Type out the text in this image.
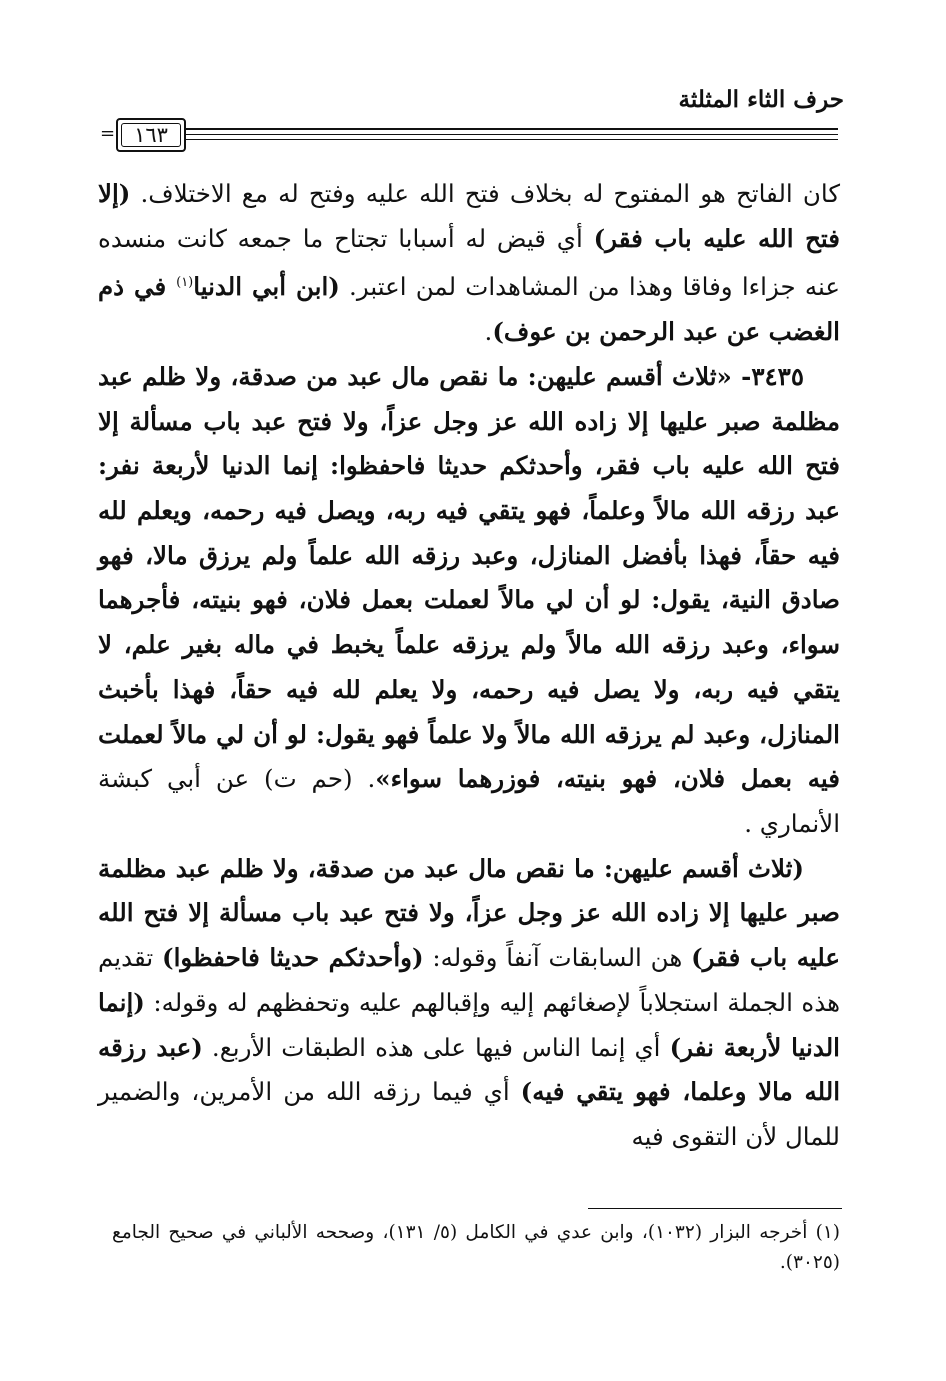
حرف الثاء المثلثة
= ١٦٣

كان الفاتح هو المفتوح له بخلاف فتح الله عليه وفتح له مع الاختلاف. (إلا فتح الله عليه باب فقر) أي قيض له أسبابا تجتاح ما جمعه كانت منسده عنه جزاءا وفاقا وهذا من المشاهدات لمن اعتبر. (ابن أبي الدنيا$^{(١)}$ في ذم الغضب عن عبد الرحمن بن عوف).

٣٤٣٥- «ثلاث أقسم عليهن: ما نقص مال عبد من صدقة، ولا ظلم عبد مظلمة صبر عليها إلا زاده الله عز وجل عزاً، ولا فتح عبد باب مسألة إلا فتح الله عليه باب فقر، وأحدثكم حديثا فاحفظوا: إنما الدنيا لأربعة نفر: عبد رزقه الله مالاً وعلماً، فهو يتقي فيه ربه، ويصل فيه رحمه، ويعلم لله فيه حقاً، فهذا بأفضل المنازل، وعبد رزقه الله علماً ولم يرزق مالا، فهو صادق النية، يقول: لو أن لي مالاً لعملت بعمل فلان، فهو بنيته، فأجرهما سواء، وعبد رزقه الله مالاً ولم يرزقه علماً يخبط في ماله بغير علم، لا يتقي فيه ربه، ولا يصل فيه رحمه، ولا يعلم لله فيه حقاً، فهذا بأخبث المنازل، وعبد لم يرزقه الله مالاً ولا علماً فهو يقول: لو أن لي مالاً لعملت فيه بعمل فلان، فهو بنيته، فوزرهما سواء». (حم ت) عن أبي كبشة الأنماري .

(ثلاث أقسم عليهن: ما نقص مال عبد من صدقة، ولا ظلم عبد مظلمة صبر عليها إلا زاده الله عز وجل عزاً، ولا فتح عبد باب مسألة إلا فتح الله عليه باب فقر) هن السابقات آنفاً وقوله: (وأحدثكم حديثا فاحفظوا) تقديم هذه الجملة استجلاباً لإصغائهم إليه وإقبالهم عليه وتحفظهم له وقوله: (إنما الدنيا لأربعة نفر) أي إنما الناس فيها على هذه الطبقات الأربع. (عبد رزقه الله مالا وعلما، فهو يتقي فيه) أي فيما رزقه الله من الأمرين، والضمير للمال لأن التقوى فيه

(١) أخرجه البزار (١٠٣٢)، وابن عدي في الكامل (٥/ ١٣١)، وصححه الألباني في صحيح الجامع (٣٠٢٥).
